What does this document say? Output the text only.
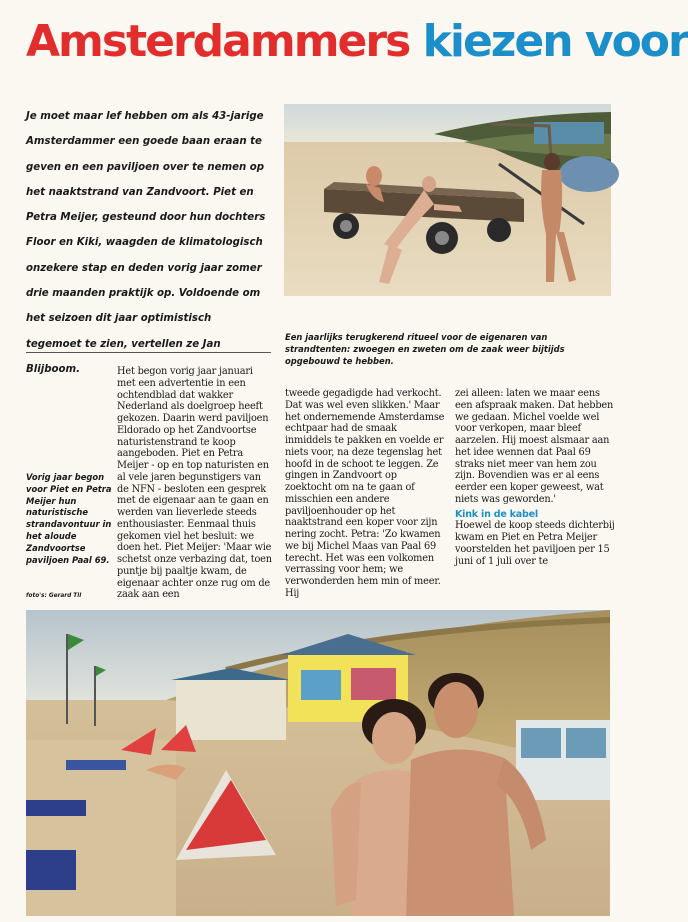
Amsterdammers kiezen voor

Je moet maar lef hebben om als 43-jarige Amsterdammer een goede baan eraan te geven en een paviljoen over te nemen op het naaktstrand van Zandvoort. Piet en Petra Meijer, gesteund door hun dochters Floor en Kiki, waagden de klimatologisch onzekere stap en deden vorig jaar zomer drie maanden praktijk op. Voldoende om het seizoen dit jaar optimistisch tegemoet te zien, vertellen ze Jan Blijboom.

Een jaarlijks terugkerend ritueel voor de eigenaren van strandtenten: zwoegen en zweten om de zaak weer bijtijds opgebouwd te hebben.

Vorig jaar begon voor Piet en Petra Meijer hun naturistische strandavontuur in het aloude Zandvoortse paviljoen Paal 69.

foto's: Gerard Til

Het begon vorig jaar januari met een advertentie in een ochtendblad dat wakker Nederland als doelgroep heeft gekozen. Daarin werd paviljoen Eldorado op het Zandvoortse naturistenstrand te koop aangeboden. Piet en Petra Meijer - op en top naturisten en al vele jaren begunstigers van de NFN - besloten een gesprek met de eigenaar aan te gaan en werden van lieverlede steeds enthousiaster. Eenmaal thuis gekomen viel het besluit: we doen het. Piet Meijer: 'Maar wie schetst onze verbazing dat, toen puntje bij paaltje kwam, de eigenaar achter onze rug om de zaak aan een

tweede gegadigde had verkocht. Dat was wel even slikken.' Maar het ondernemende Amsterdamse echtpaar had de smaak inmiddels te pakken en voelde er niets voor, na deze tegenslag het hoofd in de schoot te leggen. Ze gingen in Zandvoort op zoektocht om na te gaan of misschien een andere paviljoenhouder op het naaktstrand een koper voor zijn nering zocht. Petra: 'Zo kwamen we bij Michel Maas van Paal 69 terecht. Het was een volkomen verrassing voor hem; we verwonderden hem min of meer. Hij

zei alleen: laten we maar eens een afspraak maken. Dat hebben we gedaan. Michel voelde wel voor verkopen, maar bleef aarzelen. Hij moest alsmaar aan het idee wennen dat Paal 69 straks niet meer van hem zou zijn. Bovendien was er al eens eerder een koper geweest, wat niets was geworden.'
Kink in de kabel
Hoewel de koop steeds dichterbij kwam en Piet en Petra Meijer voorstelden het paviljoen per 15 juni of 1 juli over te
